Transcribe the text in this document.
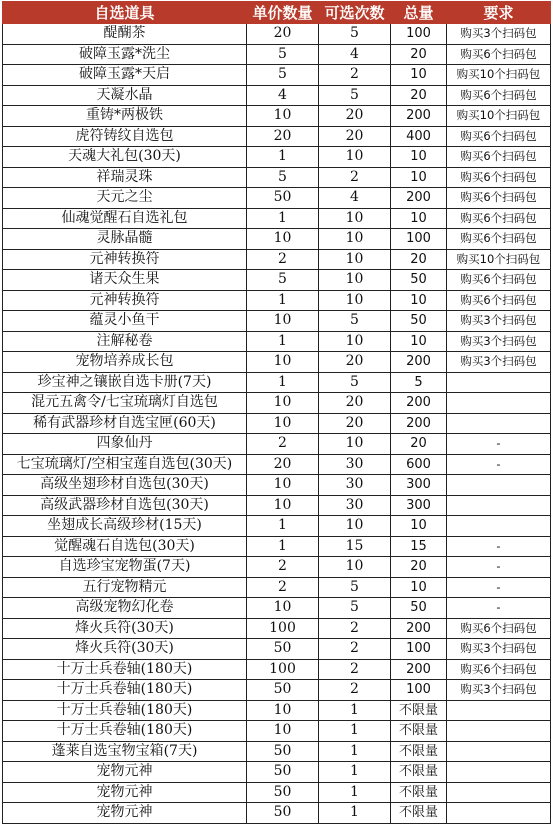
自选道具	单价数量	可选次数	总量	要求
醍醐茶	20	5	100	购买3个扫码包
破障玉露*洗尘	5	4	20	购买6个扫码包
破障玉露*天启	5	2	10	购买10个扫码包
天凝水晶	4	5	20	购买6个扫码包
重铸*两极铁	10	20	200	购买10个扫码包
虎符铸纹自选包	20	20	400	购买6个扫码包
天魂大礼包(30天)	1	10	10	购买6个扫码包
祥瑞灵珠	5	2	10	购买6个扫码包
天元之尘	50	4	200	购买6个扫码包
仙魂觉醒石自选礼包	1	10	10	购买6个扫码包
灵脉晶髓	10	10	100	购买6个扫码包
元神转换符	2	10	20	购买10个扫码包
诸天众生果	5	10	50	购买6个扫码包
元神转换符	1	10	10	购买6个扫码包
蕴灵小鱼干	10	5	50	购买3个扫码包
注解秘卷	1	10	10	购买3个扫码包
宠物培养成长包	10	20	200	购买3个扫码包
珍宝神之镶嵌自选卡册(7天)	1	5	5	
混元五禽令/七宝琉璃灯自选包	10	20	200	
稀有武器珍材自选宝匣(60天)	10	20	200	
四象仙丹	2	10	20	-
七宝琉璃灯/空相宝莲自选包(30天)	20	30	600	-
高级坐翅珍材自选包(30天)	10	30	300	
高级武器珍材自选包(30天)	10	30	300	
坐翅成长高级珍材(15天)	1	10	10	
觉醒魂石自选包(30天)	1	15	15	-
自选珍宝宠物蛋(7天)	2	10	20	-
五行宠物精元	2	5	10	-
高级宠物幻化卷	10	5	50	-
烽火兵符(30天)	100	2	200	购买6个扫码包
烽火兵符(30天)	50	2	100	购买3个扫码包
十万士兵卷轴(180天)	100	2	200	购买6个扫码包
十万士兵卷轴(180天)	50	2	100	购买3个扫码包
十万士兵卷轴(180天)	10	1	不限量	
十万士兵卷轴(180天)	10	1	不限量	
蓬莱自选宝物宝箱(7天)	50	1	不限量	
宠物元神	50	1	不限量	
宠物元神	50	1	不限量	
宠物元神	50	1	不限量	
